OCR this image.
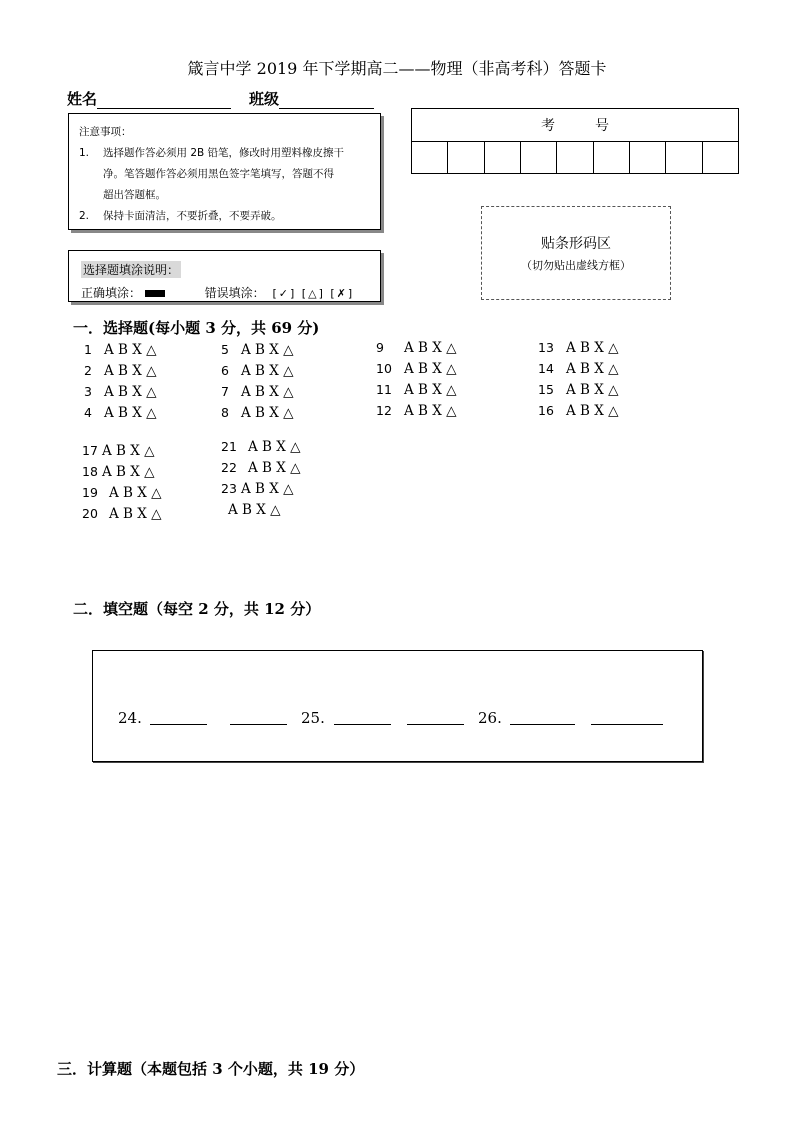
箴言中学 2019 年下学期高二——物理（非高考科）答题卡
姓名	班级
注意事项：
1.	选择题作答必须用 2B 铅笔，修改时用塑料橡皮擦干
净。笔答题作答必须用黑色签字笔填写，答题不得
超出答题框。
2.	保持卡面清洁，不要折叠，不要弄破。
考号
贴条形码区
（切勿贴出虚线方框）
选择题填涂说明：
正确填涂：	错误填涂： [✓] [△] [✗]
一．选择题(每小题 3 分，共 69 分)
1 A B X △
2 A B X △
3 A B X △
4 A B X △
5 A B X △
6 A B X △
7 A B X △
8 A B X △
9 A B X △
10 A B X △
11 A B X △
12 A B X △
13 A B X △
14 A B X △
15 A B X △
16 A B X △
17 A B X △
18 A B X △
19 A B X △
20 A B X △
21 A B X △
22 A B X △
23 A B X △
A B X △
二．填空题（每空 2 分，共 12 分）
24.	25.	26.
三．计算题（本题包括 3 个小题，共 19 分）
